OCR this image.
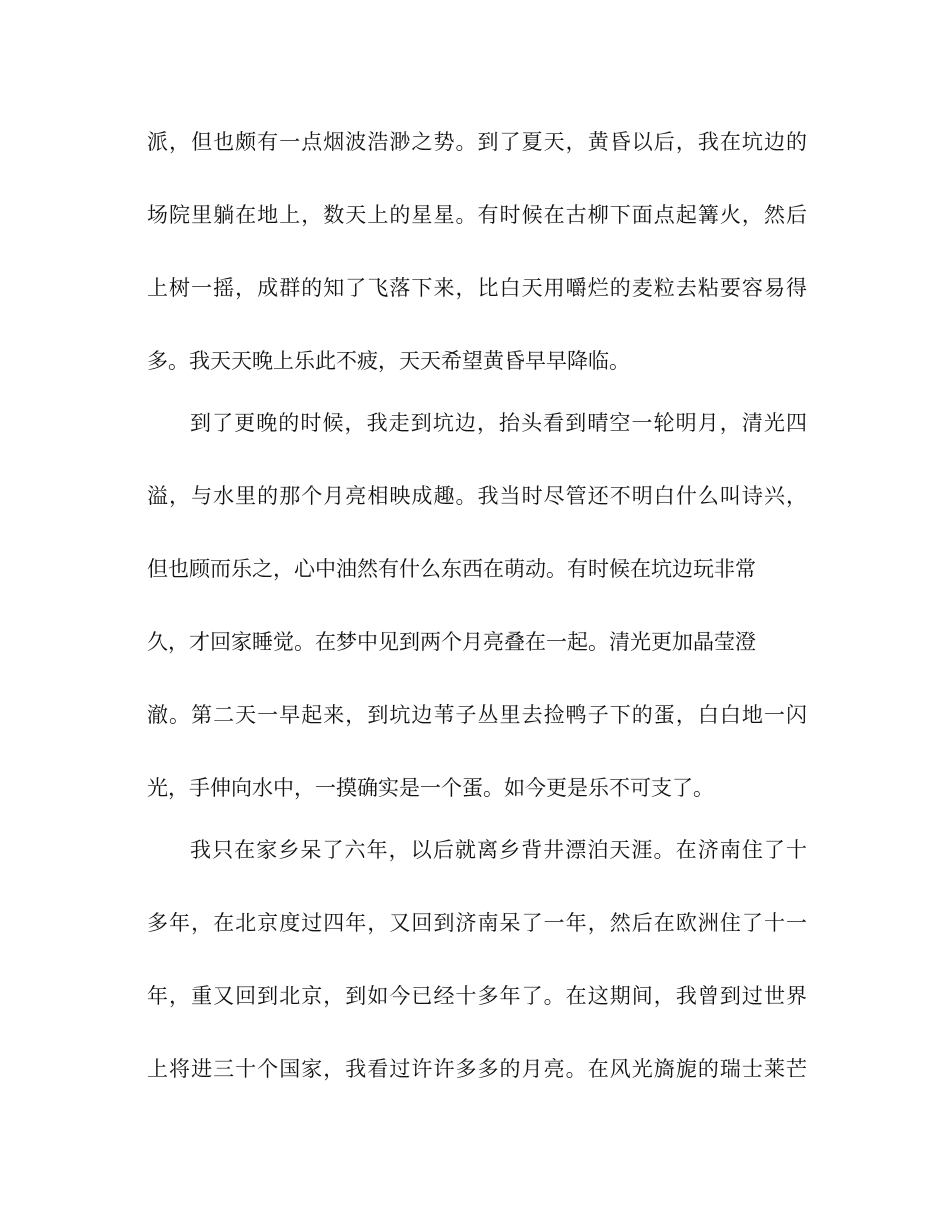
派，但也颇有一点烟波浩渺之势。到了夏天，黄昏以后，我在坑边的
场院里躺在地上，数天上的星星。有时候在古柳下面点起篝火，然后
上树一摇，成群的知了飞落下来，比白天用嚼烂的麦粒去粘要容易得
多。我天天晚上乐此不疲，天天希望黄昏早早降临。
到了更晚的时候，我走到坑边，抬头看到晴空一轮明月，清光四
溢，与水里的那个月亮相映成趣。我当时尽管还不明白什么叫诗兴，
但也顾而乐之，心中油然有什么东西在萌动。有时候在坑边玩非常
久，才回家睡觉。在梦中见到两个月亮叠在一起。清光更加晶莹澄
澈。第二天一早起来，到坑边苇子丛里去捡鸭子下的蛋，白白地一闪
光，手伸向水中，一摸确实是一个蛋。如今更是乐不可支了。
我只在家乡呆了六年，以后就离乡背井漂泊天涯。在济南住了十
多年，在北京度过四年，又回到济南呆了一年，然后在欧洲住了十一
年，重又回到北京，到如今已经十多年了。在这期间，我曾到过世界
上将进三十个国家，我看过许许多多的月亮。在风光旖旎的瑞士莱芒
